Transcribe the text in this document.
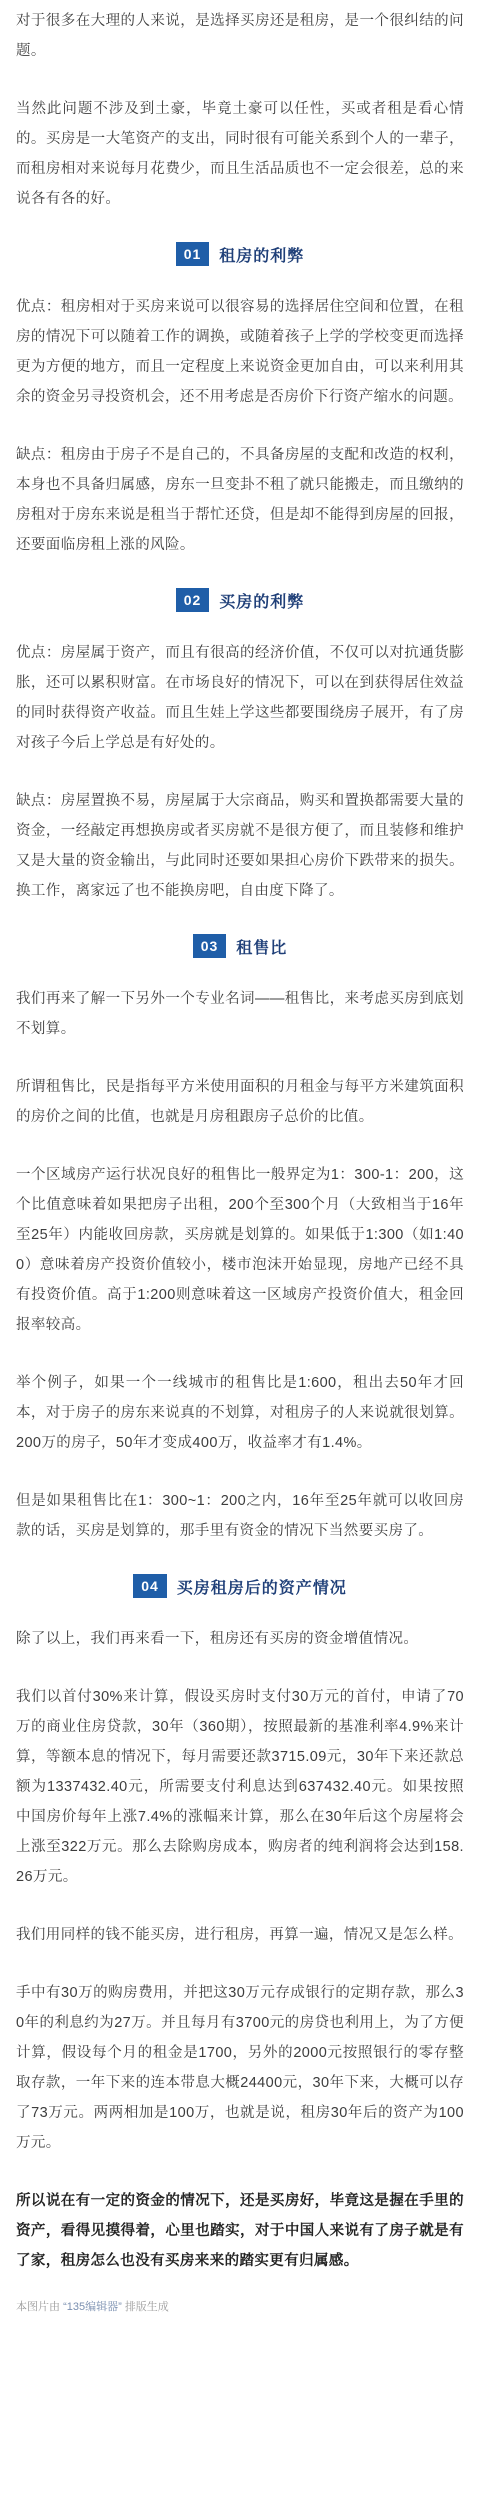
对于很多在大理的人来说，是选择买房还是租房，是一个很纠结的问题。

当然此问题不涉及到土豪，毕竟土豪可以任性，买或者租是看心情的。买房是一大笔资产的支出，同时很有可能关系到个人的一辈子，而租房相对来说每月花费少，而且生活品质也不一定会很差，总的来说各有各的好。

01	租房的利弊

优点：租房相对于买房来说可以很容易的选择居住空间和位置，在租房的情况下可以随着工作的调换，或随着孩子上学的学校变更而选择更为方便的地方，而且一定程度上来说资金更加自由，可以来利用其余的资金另寻投资机会，还不用考虑是否房价下行资产缩水的问题。

缺点：租房由于房子不是自己的，不具备房屋的支配和改造的权利，本身也不具备归属感，房东一旦变卦不租了就只能搬走，而且缴纳的房租对于房东来说是租当于帮忙还贷，但是却不能得到房屋的回报，还要面临房租上涨的风险。

02	买房的利弊

优点：房屋属于资产，而且有很高的经济价值，不仅可以对抗通货膨胀，还可以累积财富。在市场良好的情况下，可以在到获得居住效益的同时获得资产收益。而且生娃上学这些都要围绕房子展开，有了房对孩子今后上学总是有好处的。

缺点：房屋置换不易，房屋属于大宗商品，购买和置换都需要大量的资金，一经敲定再想换房或者买房就不是很方便了，而且装修和维护又是大量的资金输出，与此同时还要如果担心房价下跌带来的损失。换工作，离家远了也不能换房吧，自由度下降了。

03	租售比

我们再来了解一下另外一个专业名词——租售比，来考虑买房到底划不划算。

所谓租售比，民是指每平方米使用面积的月租金与每平方米建筑面积的房价之间的比值，也就是月房租跟房子总价的比值。

一个区域房产运行状况良好的租售比一般界定为1：300-1：200，这个比值意味着如果把房子出租，200个至300个月（大致相当于16年至25年）内能收回房款，买房就是划算的。如果低于1:300（如1:400）意味着房产投资价值较小，楼市泡沫开始显现，房地产已经不具有投资价值。高于1:200则意味着这一区域房产投资价值大，租金回报率较高。

举个例子，如果一个一线城市的租售比是1:600，租出去50年才回本，对于房子的房东来说真的不划算，对租房子的人来说就很划算。200万的房子，50年才变成400万，收益率才有1.4%。

但是如果租售比在1：300~1：200之内，16年至25年就可以收回房款的话，买房是划算的，那手里有资金的情况下当然要买房了。

04	买房租房后的资产情况

除了以上，我们再来看一下，租房还有买房的资金增值情况。

我们以首付30%来计算，假设买房时支付30万元的首付，申请了70万的商业住房贷款，30年（360期），按照最新的基准利率4.9%来计算，等额本息的情况下，每月需要还款3715.09元，30年下来还款总额为1337432.40元，所需要支付利息达到637432.40元。如果按照中国房价每年上涨7.4%的涨幅来计算，那么在30年后这个房屋将会上涨至322万元。那么去除购房成本，购房者的纯利润将会达到158.26万元。

我们用同样的钱不能买房，进行租房，再算一遍，情况又是怎么样。

手中有30万的购房费用，并把这30万元存成银行的定期存款，那么30年的利息约为27万。并且每月有3700元的房贷也利用上，为了方便计算，假设每个月的租金是1700，另外的2000元按照银行的零存整取存款，一年下来的连本带息大概24400元，30年下来，大概可以存了73万元。两两相加是100万，也就是说，租房30年后的资产为100万元。

所以说在有一定的资金的情况下，还是买房好，毕竟这是握在手里的资产，看得见摸得着，心里也踏实，对于中国人来说有了房子就是有了家，租房怎么也没有买房来来的踏实更有归属感。

本图片由 “135编辑器” 排版生成
